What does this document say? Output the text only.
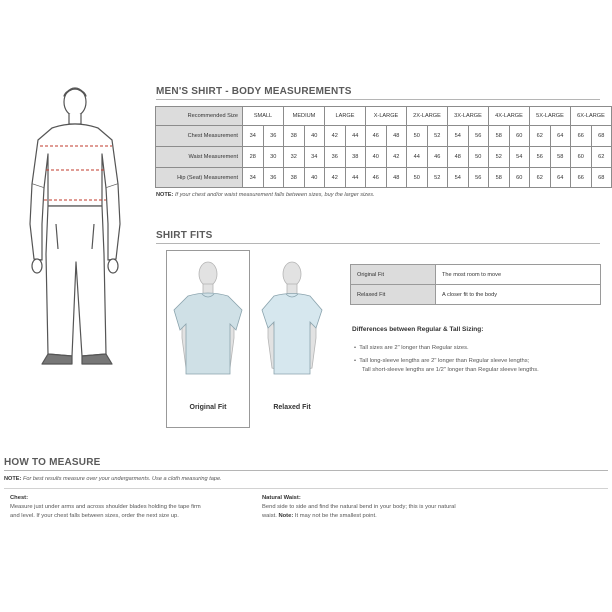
MEN'S SHIRT - BODY MEASUREMENTS
Recommended Size	SMALL		MEDIUM		LARGE		X-LARGE		2X-LARGE		3X-LARGE		4X-LARGE		5X-LARGE		6X-LARGE	
Chest Measurement	34	36	38	40	42	44	46	48	50	52	54	56	58	60	62	64	66	68
Waist Measurement	28	30	32	34	36	38	40	42	44	46	48	50	52	54	56	58	60	62
Hip (Seat) Measurement	34	36	38	40	42	44	46	48	50	52	54	56	58	60	62	64	66	68
NOTE: If your chest and/or waist measurement falls between sizes, buy the larger sizes.
SHIRT FITS
Original Fit	Relaxed Fit
Original Fit	The most room to move
Relaxed Fit	A closer fit to the body
Differences between Regular & Tall Sizing:
•  Tall sizes are 2" longer than Regular sizes.
•  Tall long-sleeve lengths are 2" longer than Regular sleeve lengths;
Tall short-sleeve lengths are 1/2" longer than Regular sleeve lengths.
HOW TO MEASURE
NOTE: For best results measure over your undergarments. Use a cloth measuring tape.
Chest:
Measure just under arms and across shoulder blades holding the tape firm
and level. If your chest falls between sizes, order the next size up.
Natural Waist:
Bend side to side and find the natural bend in your body; this is your natural
waist. Note: It may not be the smallest point.
